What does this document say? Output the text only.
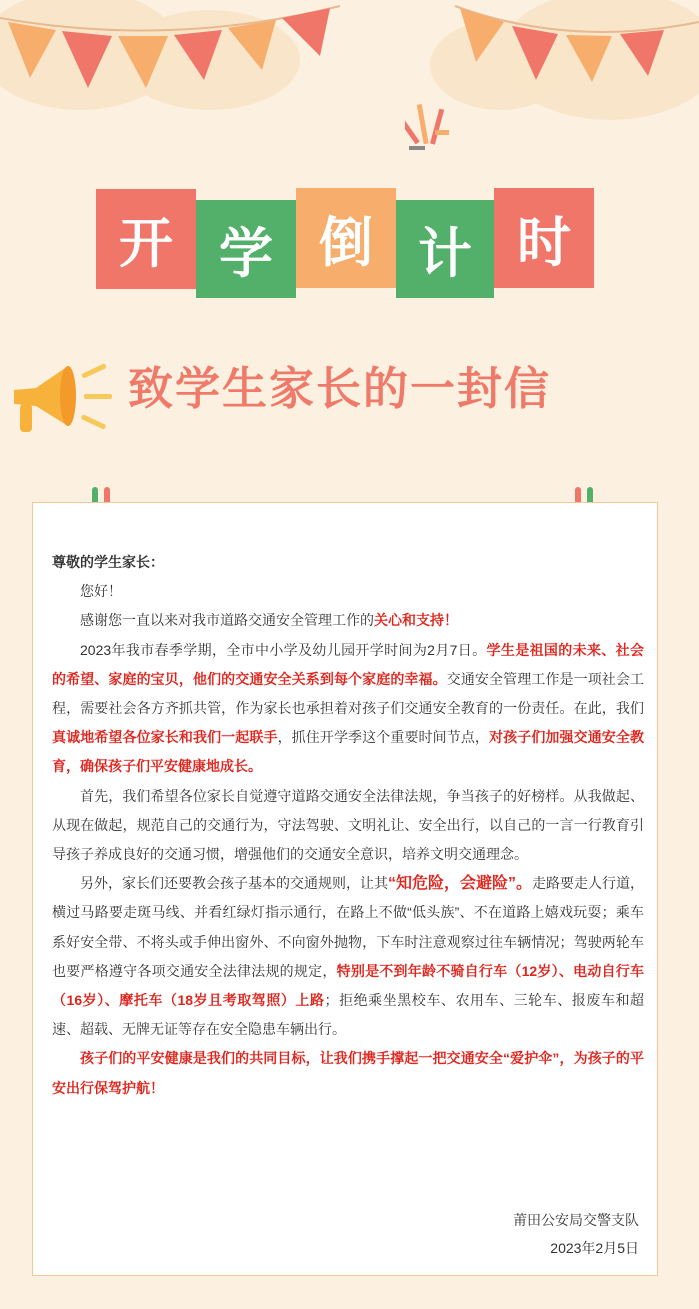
开 学 倒 计 时
致学生家长的一封信

尊敬的学生家长：

您好！

感谢您一直以来对我市道路交通安全管理工作的关心和支持！

2023年我市春季学期，全市中小学及幼儿园开学时间为2月7日。学生是祖国的未来、社会的希望、家庭的宝贝，他们的交通安全关系到每个家庭的幸福。交通安全管理工作是一项社会工程，需要社会各方齐抓共管，作为家长也承担着对孩子们交通安全教育的一份责任。在此，我们真诚地希望各位家长和我们一起联手，抓住开学季这个重要时间节点，对孩子们加强交通安全教育，确保孩子们平安健康地成长。

首先，我们希望各位家长自觉遵守道路交通安全法律法规，争当孩子的好榜样。从我做起、从现在做起，规范自己的交通行为，守法驾驶、文明礼让、安全出行，以自己的一言一行教育引导孩子养成良好的交通习惯，增强他们的交通安全意识，培养文明交通理念。

另外，家长们还要教会孩子基本的交通规则，让其“知危险，会避险”。走路要走人行道，横过马路要走斑马线、并看红绿灯指示通行，在路上不做“低头族”、不在道路上嬉戏玩耍；乘车系好安全带、不将头或手伸出窗外、不向窗外抛物，下车时注意观察过往车辆情况；驾驶两轮车也要严格遵守各项交通安全法律法规的规定，特别是不到年龄不骑自行车（12岁）、电动自行车（16岁）、摩托车（18岁且考取驾照）上路；拒绝乘坐黑校车、农用车、三轮车、报废车和超速、超载、无牌无证等存在安全隐患车辆出行。

孩子们的平安健康是我们的共同目标，让我们携手撑起一把交通安全“爱护伞”，为孩子的平安出行保驾护航！

莆田公安局交警支队
2023年2月5日
